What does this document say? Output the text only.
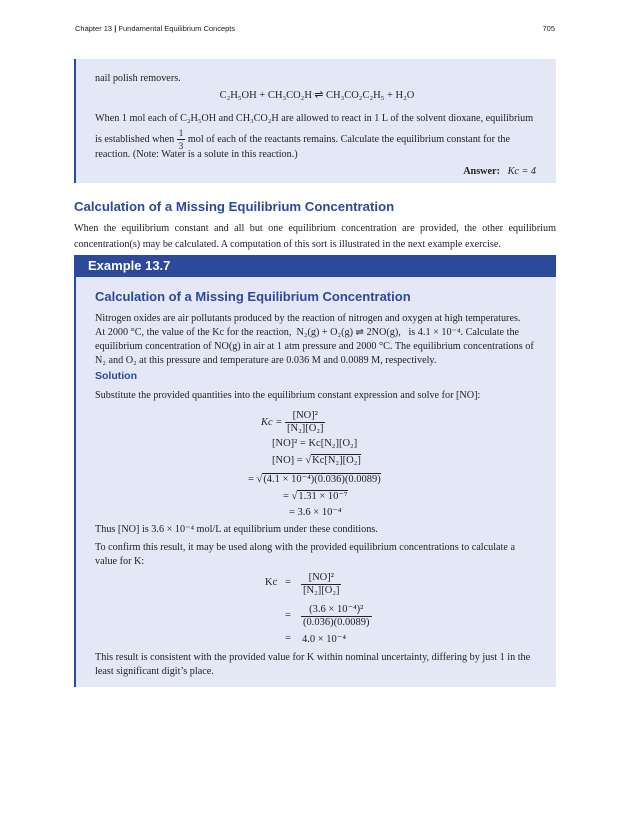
Chapter 13 | Fundamental Equilibrium Concepts	705
nail polish removers.
C₂H₅OH + CH₃CO₂H ⇌ CH₃CO₂C₂H₅ + H₂O
When 1 mol each of C₂H₅OH and CH₃CO₂H are allowed to react in 1 L of the solvent dioxane, equilibrium
is established when $\frac{1}{3}$ mol of each of the reactants remains. Calculate the equilibrium constant for the
reaction. (Note: Water is a solute in this reaction.)
Answer: Kc = 4
Calculation of a Missing Equilibrium Concentration
When the equilibrium constant and all but one equilibrium concentration are provided, the other equilibrium concentration(s) may be calculated. A computation of this sort is illustrated in the next example exercise.
Example 13.7
Calculation of a Missing Equilibrium Concentration
Nitrogen oxides are air pollutants produced by the reaction of nitrogen and oxygen at high temperatures.
At 2000 °C, the value of the Kc for the reaction, N₂(g) + O₂(g) ⇌ 2NO(g), is 4.1 × 10⁻⁴. Calculate the
equilibrium concentration of NO(g) in air at 1 atm pressure and 2000 °C. The equilibrium concentrations of
N₂ and O₂ at this pressure and temperature are 0.036 M and 0.0089 M, respectively.
Solution
Substitute the provided quantities into the equilibrium constant expression and solve for [NO]:
$Kc = \frac{\text{[NO]²}}{\text{[N₂][O₂]}}$
[NO]² = Kc[N₂][O₂]
[NO] = √Kc[N₂][O₂]
= √(4.1 × 10⁻⁴)(0.036)(0.0089)
= √1.31 × 10⁻⁷
= 3.6 × 10⁻⁴
Thus [NO] is 3.6 × 10⁻⁴ mol/L at equilibrium under these conditions.
To confirm this result, it may be used along with the provided equilibrium concentrations to calculate a
value for K:
$Kc = \frac{\text{[NO]²}}{\text{[N₂][O₂]}}$
= $\frac{\text{(3.6 × 10⁻⁴)²}}{(0.036)(0.0089)}$
= 4.0 × 10⁻⁴
This result is consistent with the provided value for K within nominal uncertainty, differing by just 1 in the
least significant digit’s place.
